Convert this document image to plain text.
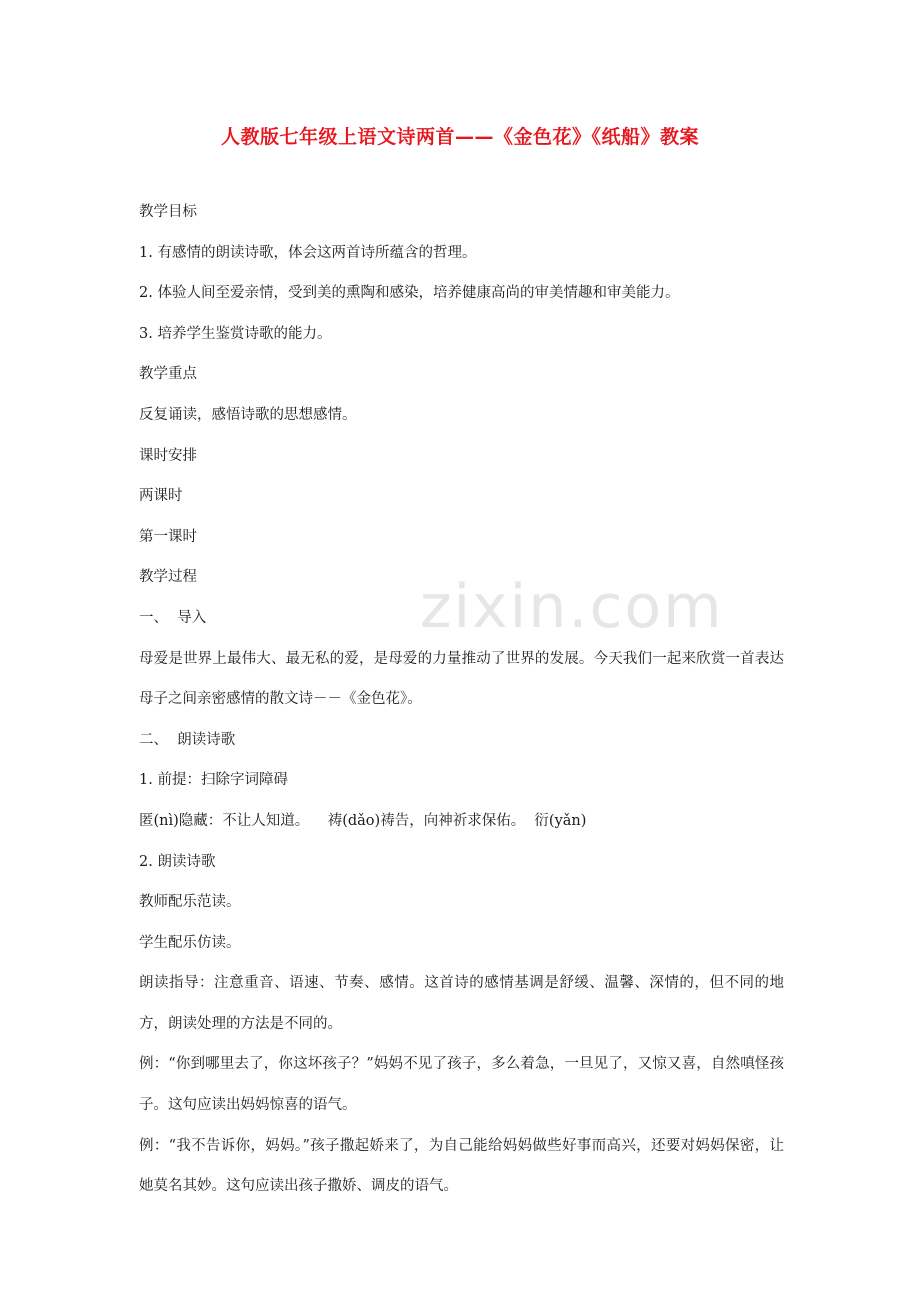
人教版七年级上语文诗两首——《金色花》《纸船》教案
zixin.com

教学目标

1. 有感情的朗读诗歌，体会这两首诗所蕴含的哲理。

2. 体验人间至爱亲情，受到美的熏陶和感染，培养健康高尚的审美情趣和审美能力。

3. 培养学生鉴赏诗歌的能力。

教学重点

反复诵读，感悟诗歌的思想感情。

课时安排

两课时

第一课时

教学过程

一、  导入

母爱是世界上最伟大、最无私的爱，是母爱的力量推动了世界的发展。今天我们一起来欣赏一首表达母子之间亲密感情的散文诗－－《金色花》。

二、  朗读诗歌

1. 前提：扫除字词障碍

匿(nì)隐藏：不让人知道。    祷(dǎo)祷告，向神祈求保佑。  衍(yǎn)

2. 朗读诗歌

教师配乐范读。

学生配乐仿读。

朗读指导：注意重音、语速、节奏、感情。这首诗的感情基调是舒缓、温馨、深情的，但不同的地方，朗读处理的方法是不同的。

例：“你到哪里去了，你这坏孩子？”妈妈不见了孩子，多么着急，一旦见了，又惊又喜，自然嗔怪孩子。这句应读出妈妈惊喜的语气。

例：“我不告诉你，妈妈。”孩子撒起娇来了，为自己能给妈妈做些好事而高兴，还要对妈妈保密，让她莫名其妙。这句应读出孩子撒娇、调皮的语气。
